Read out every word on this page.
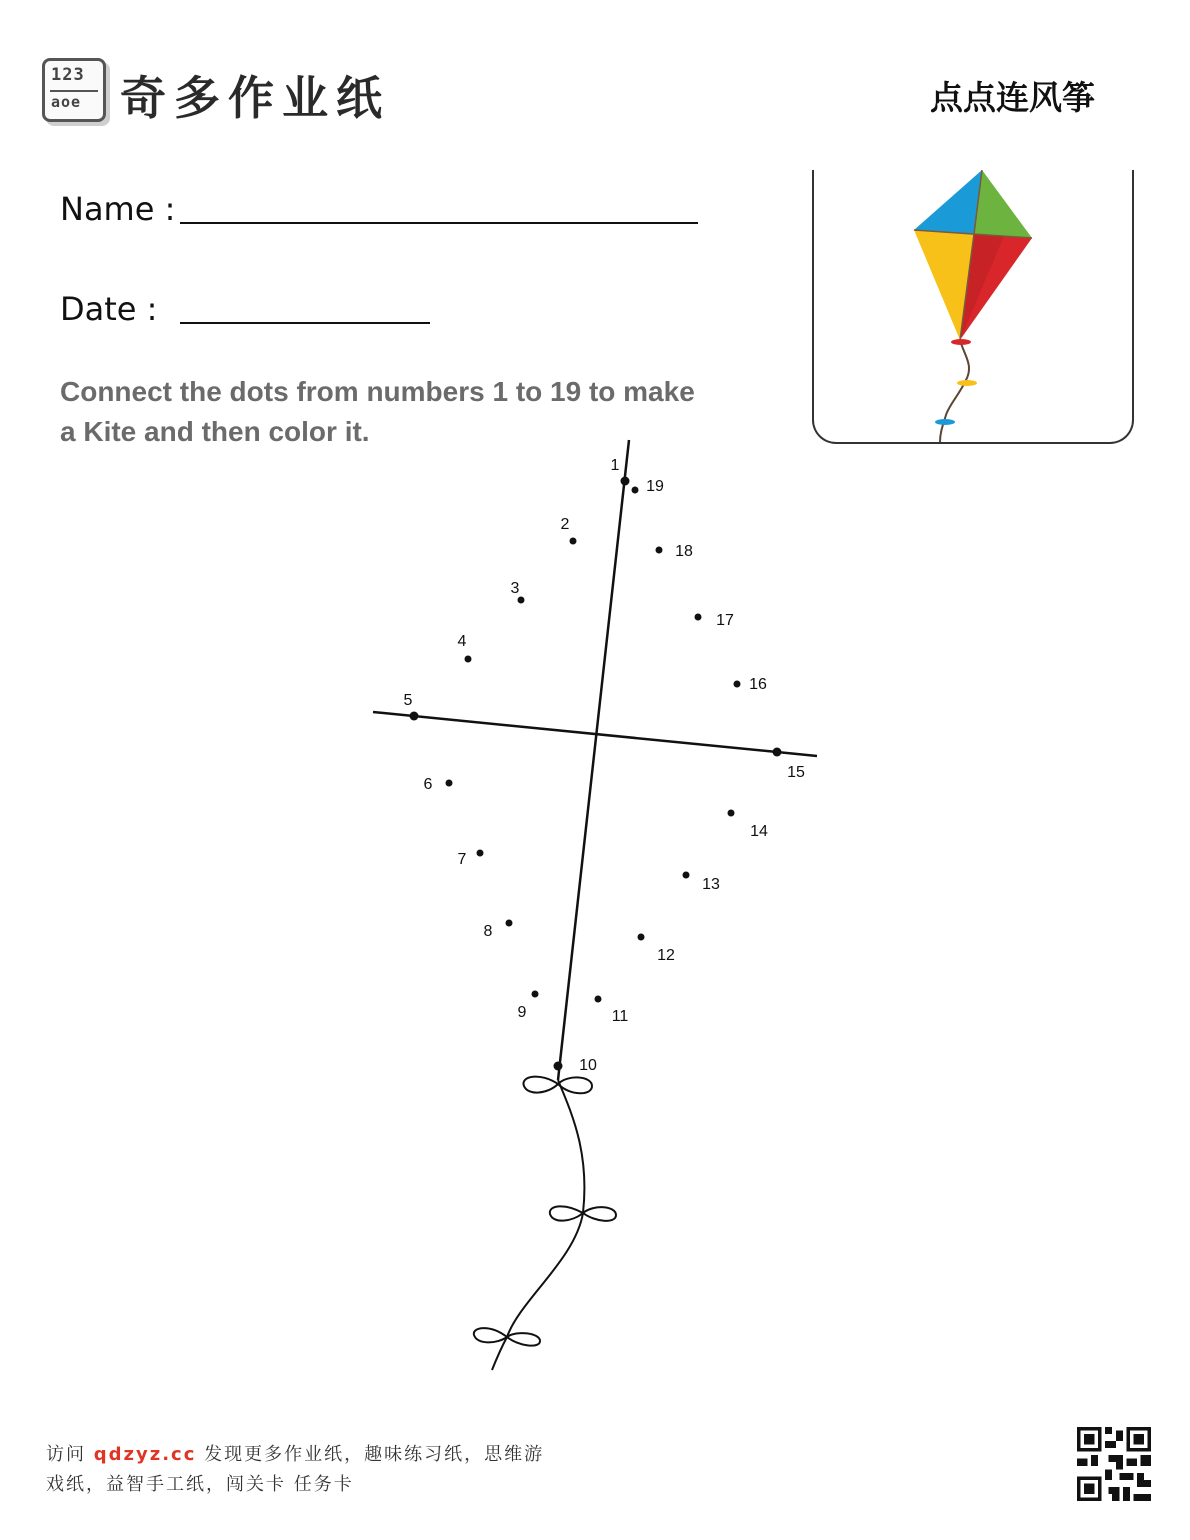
123
aoe 奇多作业纸	点点连风筝
Name :
Date :
Connect the dots from numbers 1 to 19 to make a Kite and then color it.
1
2
3
4
5
6
7
8
9
10
11
12
13
14
15
16
17
18
19
访问 qdzyz.cc 发现更多作业纸，趣味练习纸，思维游
戏纸，益智手工纸，闯关卡 任务卡
